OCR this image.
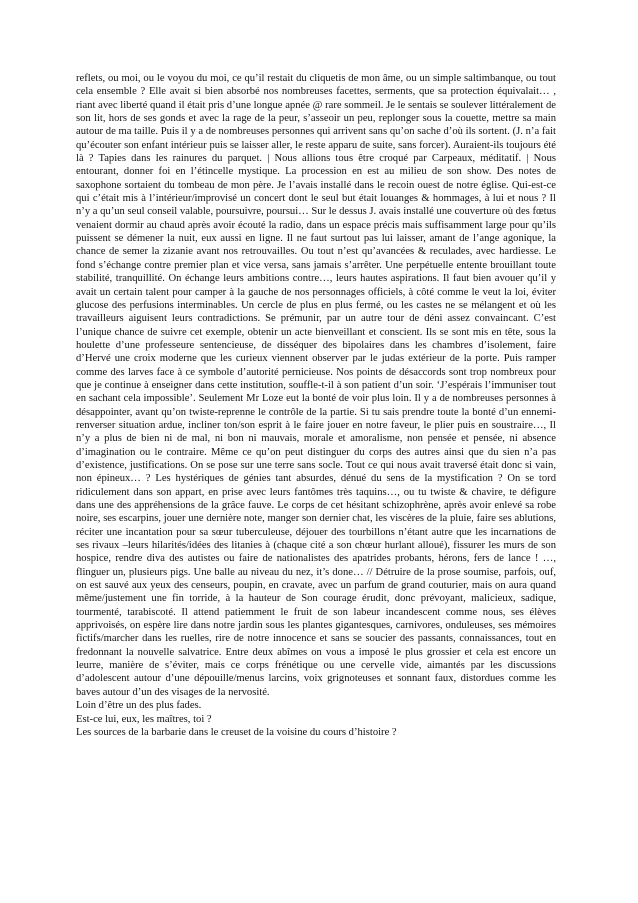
reflets, ou moi, ou le voyou du moi, ce qu’il restait du cliquetis de mon âme, ou un simple saltimbanque, ou tout cela ensemble ? Elle avait si bien absorbé nos nombreuses facettes, serments, que sa protection équivalait… , riant avec liberté quand il était pris d’une longue apnée @ rare sommeil. Je le sentais se soulever littéralement de son lit, hors de ses gonds et avec la rage de la peur, s’asseoir un peu, replonger sous la couette, mettre sa main autour de ma taille. Puis il y a de nombreuses personnes qui arrivent sans qu’on sache d’où ils sortent. (J. n’a fait qu’écouter son enfant intérieur puis se laisser aller, le reste apparu de suite, sans forcer). Auraient-ils toujours été là ? Tapies dans les rainures du parquet. | Nous allions tous être croqué par Carpeaux, méditatif. | Nous entourant, donner foi en l’étincelle mystique. La procession en est au milieu de son show. Des notes de saxophone sortaient du tombeau de mon père. Je l’avais installé dans le recoin ouest de notre église. Qui-est-ce qui c’était mis à l’intérieur/improvisé un concert dont le seul but était louanges & hommages, à lui et nous ? Il n’y a qu’un seul conseil valable, poursuivre, poursui… Sur le dessus J. avais installé une couverture où des fœtus venaient dormir au chaud après avoir écouté la radio, dans un espace précis mais suffisamment large pour qu’ils puissent se démener la nuit, eux aussi en ligne. Il ne faut surtout pas lui laisser, amant de l’ange agonique, la chance de semer la zizanie avant nos retrouvailles. Ou tout n’est qu’avancées & reculades, avec hardiesse. Le fond s’échange contre premier plan et vice versa, sans jamais s’arrêter. Une perpétuelle entente brouillant toute stabilité, tranquillité. On échange leurs ambitions contre…, leurs hautes aspirations. Il faut bien avouer qu’il y avait un certain talent pour camper à la gauche de nos personnages officiels, à côté comme le veut la loi, éviter glucose des perfusions interminables. Un cercle de plus en plus fermé, ou les castes ne se mélangent et où les travailleurs aiguisent leurs contradictions. Se prémunir, par un autre tour de déni assez convaincant. C’est l’unique chance de suivre cet exemple, obtenir un acte bienveillant et conscient. Ils se sont mis en tête, sous la houlette d’une professeure sentencieuse, de disséquer des bipolaires dans les chambres d’isolement, faire d’Hervé une croix moderne que les curieux viennent observer par le judas extérieur de la porte. Puis ramper comme des larves face à ce symbole d’autorité pernicieuse. Nos points de désaccords sont trop nombreux pour que je continue à enseigner dans cette institution, souffle-t-il à son patient d’un soir. ‘J’espérais l’immuniser tout en sachant cela impossible’. Seulement Mr Loze eut la bonté de voir plus loin. Il y a de nombreuses personnes à désappointer, avant qu’on twiste-reprenne le contrôle de la partie. Si tu sais prendre toute la bonté d’un ennemi-renverser situation ardue, incliner ton/son esprit à le faire jouer en notre faveur, le plier puis en soustraire…, Il n’y a plus de bien ni de mal, ni bon ni mauvais, morale et amoralisme, non pensée et pensée, ni absence d’imagination ou le contraire. Même ce qu’on peut distinguer du corps des autres ainsi que du sien n’a pas d’existence, justifications. On se pose sur une terre sans socle. Tout ce qui nous avait traversé était donc si vain, non épineux… ? Les hystériques de génies tant absurdes, dénué du sens de la mystification ? On se tord ridiculement dans son appart, en prise avec leurs fantômes très taquins…, ou tu twiste & chavire, te défigure dans une des appréhensions de la grâce fauve. Le corps de cet hésitant schizophrène, après avoir enlevé sa robe noire, ses escarpins, jouer une dernière note, manger son dernier chat, les viscères de la pluie, faire ses ablutions, réciter une incantation pour sa sœur tuberculeuse, déjouer des tourbillons n’étant autre que les incarnations de ses rivaux –leurs hilarités/idées des litanies à (chaque cité a son chœur hurlant alloué), fissurer les murs de son hospice, rendre diva des autistes ou faire de nationalistes des apatrides probants, hérons, fers de lance ! …, flinguer un, plusieurs pigs. Une balle au niveau du nez, it’s done… // Détruire de la prose soumise, parfois, ouf, on est sauvé aux yeux des censeurs, poupin, en cravate, avec un parfum de grand couturier, mais on aura quand même/justement une fin torride, à la hauteur de Son courage érudit, donc prévoyant, malicieux, sadique, tourmenté, tarabiscoté. Il attend patiemment le fruit de son labeur incandescent comme nous, ses élèves apprivoisés, on espère lire dans notre jardin sous les plantes gigantesques, carnivores, onduleuses, ses mémoires fictifs/marcher dans les ruelles, rire de notre innocence et sans se soucier des passants, connaissances, tout en fredonnant la nouvelle salvatrice. Entre deux abîmes on vous a imposé le plus grossier et cela est encore un leurre, manière de s’éviter, mais ce corps frénétique ou une cervelle vide, aimantés par les discussions d’adolescent autour d’une dépouille/menus larcins, voix grignoteuses et sonnant faux, distordues comme les baves autour d’un des visages de la nervosité.

Loin d’être un des plus fades.

Est-ce lui, eux, les maîtres, toi ?

Les sources de la barbarie dans le creuset de la voisine du cours d’histoire ?
